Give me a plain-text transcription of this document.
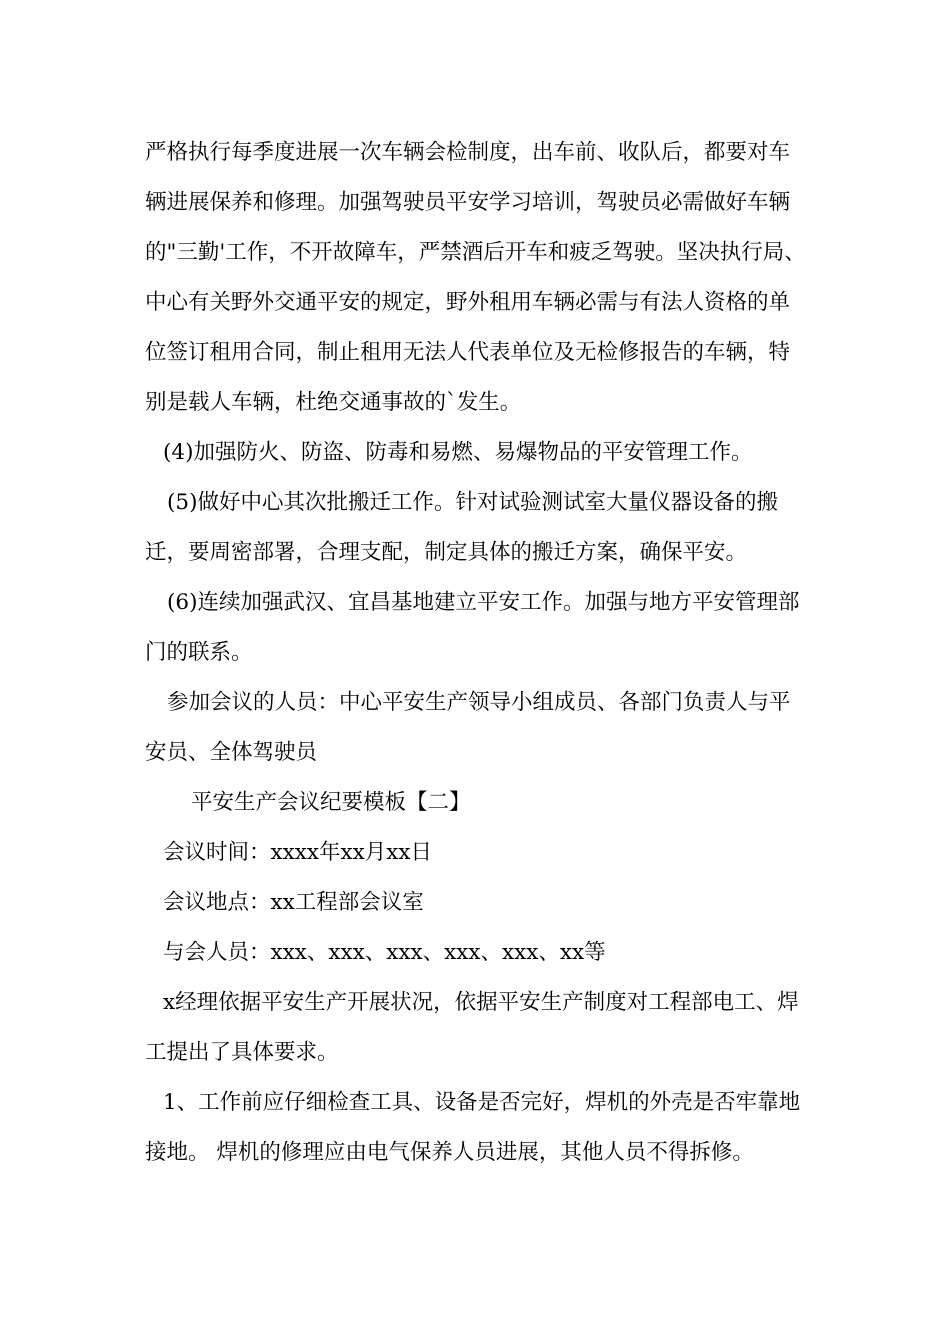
严格执行每季度进展一次车辆会检制度，出车前、收队后，都要对车辆进展保养和修理。加强驾驶员平安学习培训，驾驶员必需做好车辆的"三勤'工作，不开故障车，严禁酒后开车和疲乏驾驶。坚决执行局、中心有关野外交通平安的规定，野外租用车辆必需与有法人资格的单位签订租用合同，制止租用无法人代表单位及无检修报告的车辆，特别是载人车辆，杜绝交通事故的`发生。

(4)加强防火、防盗、防毒和易燃、易爆物品的平安管理工作。

(5)做好中心其次批搬迁工作。针对试验测试室大量仪器设备的搬迁，要周密部署，合理支配，制定具体的搬迁方案，确保平安。

(6)连续加强武汉、宜昌基地建立平安工作。加强与地方平安管理部门的联系。

参加会议的人员：中心平安生产领导小组成员、各部门负责人与平安员、全体驾驶员

平安生产会议纪要模板【二】

会议时间：xxxx年xx月xx日

会议地点：xx工程部会议室

与会人员：xxx、xxx、xxx、xxx、xxx、xx等

x经理依据平安生产开展状况，依据平安生产制度对工程部电工、焊工提出了具体要求。

1、工作前应仔细检查工具、设备是否完好，焊机的外壳是否牢靠地接地。 焊机的修理应由电气保养人员进展，其他人员不得拆修。
